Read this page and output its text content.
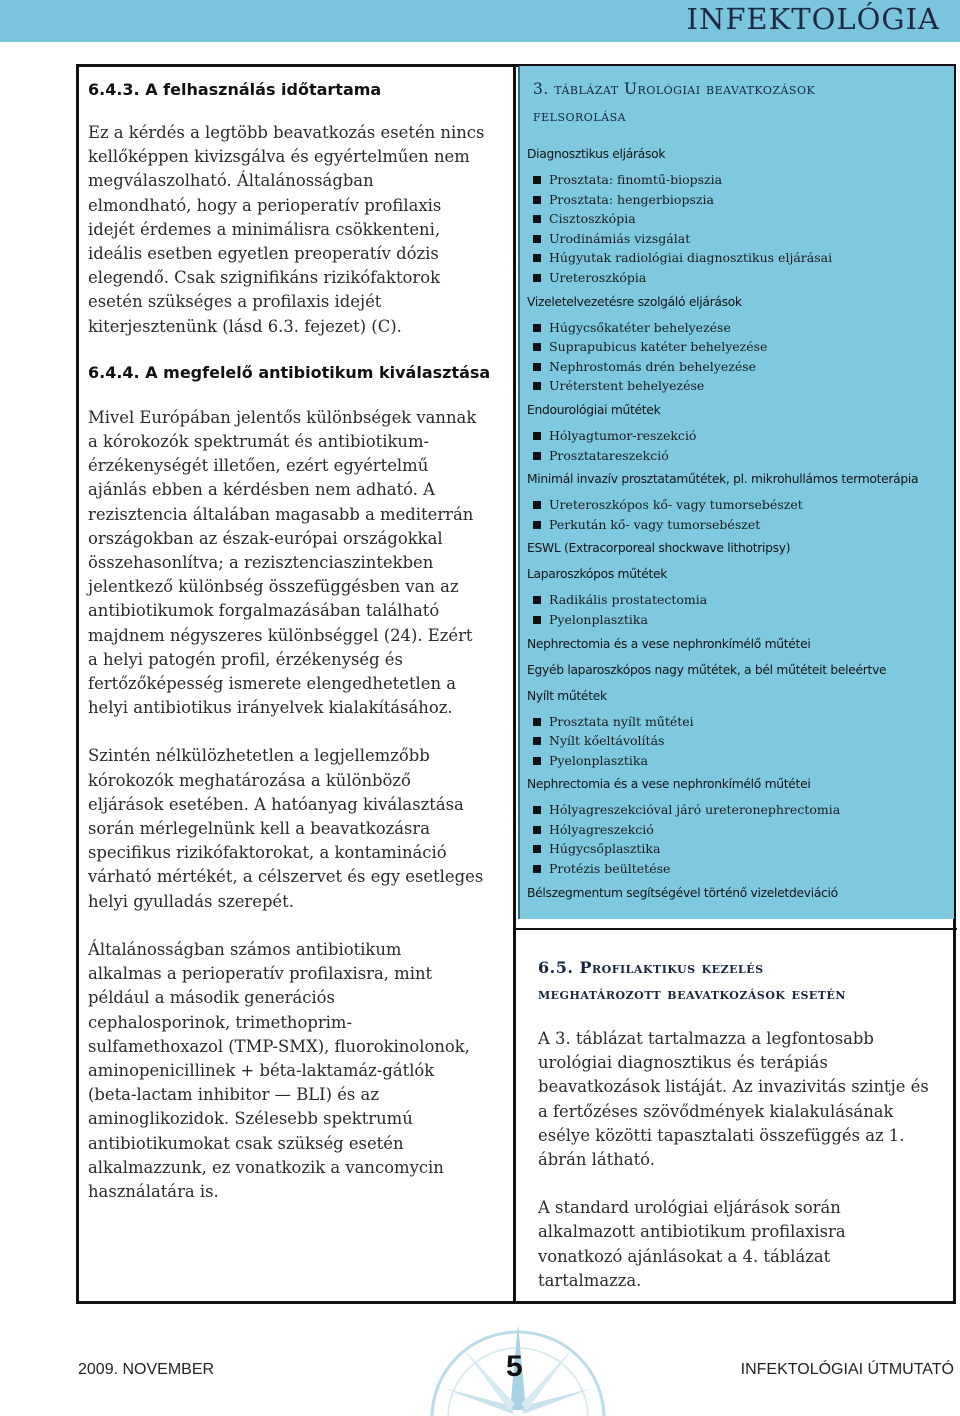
INFEKTOLÓGIA
6.4.3. A felhasználás időtartama

Ez a kérdés a legtöbb beavatkozás esetén nincs
kellőképpen kivizsgálva és egyértelműen nem
megválaszolható. Általánosságban
elmondható, hogy a perioperatív profilaxis
idejét érdemes a minimálisra csökkenteni,
ideális esetben egyetlen preoperatív dózis
elegendő. Csak szignifikáns rizikófaktorok
esetén szükséges a profilaxis idejét
kiterjesztenünk (lásd 6.3. fejezet) (C).

6.4.4. A megfelelő antibiotikum kiválasztása

Mivel Európában jelentős különbségek vannak
a kórokozók spektrumát és antibiotikum-
érzékenységét illetően, ezért egyértelmű
ajánlás ebben a kérdésben nem adható. A
rezisztencia általában magasabb a mediterrán
országokban az észak-európai országokkal
összehasonlítva; a rezisztenciaszintekben
jelentkező különbség összefüggésben van az
antibiotikumok forgalmazásában található
majdnem négyszeres különbséggel (24). Ezért
a helyi patogén profil, érzékenység és
fertőzőképesség ismerete elengedhetetlen a
helyi antibiotikus irányelvek kialakításához.

Szintén nélkülözhetetlen a legjellemzőbb
kórokozók meghatározása a különböző
eljárások esetében. A hatóanyag kiválasztása
során mérlegelnünk kell a beavatkozásra
specifikus rizikófaktorokat, a kontamináció
várható mértékét, a célszervet és egy esetleges
helyi gyulladás szerepét.

Általánosságban számos antibiotikum
alkalmas a perioperatív profilaxisra, mint
például a második generációs
cephalosporinok, trimethoprim-
sulfamethoxazol (TMP-SMX), fluorokinolonok,
aminopenicillinek + béta-laktamáz-gátlók
(beta-lactam inhibitor — BLI) és az
aminoglikozidok. Szélesebb spektrumú
antibiotikumokat csak szükség esetén
alkalmazzunk, ez vonatkozik a vancomycin
használatára is.

3. táblázat Urológiai beavatkozások
felsorolása
Diagnosztikus eljárások
Prosztata: finomtű-biopszia
Prosztata: hengerbiopszia
Cisztoszkópia
Urodinámiás vizsgálat
Húgyutak radiológiai diagnosztikus eljárásai
Ureteroszkópia
Vizeletelvezetésre szolgáló eljárások
Húgycsőkatéter behelyezése
Suprapubicus katéter behelyezése
Nephrostomás drén behelyezése
Uréterstent behelyezése
Endourológiai műtétek
Hólyagtumor-reszekció
Prosztatareszekció
Minimál invazív prosztataműtétek, pl. mikrohullámos termoterápia
Ureteroszkópos kő- vagy tumorsebészet
Perkután kő- vagy tumorsebészet
ESWL (Extracorporeal shockwave lithotripsy)
Laparoszkópos műtétek
Radikális prostatectomia
Pyelonplasztika
Nephrectomia és a vese nephronkímélő műtétei
Egyéb laparoszkópos nagy műtétek, a bél műtéteit beleértve
Nyílt műtétek
Prosztata nyílt műtétei
Nyílt kőeltávolítás
Pyelonplasztika
Nephrectomia és a vese nephronkímélő műtétei
Hólyagreszekcióval járó ureteronephrectomia
Hólyagreszekció
Húgycsőplasztika
Protézis beültetése
Bélszegmentum segítségével történő vizeletdeviáció
6.5. Profilaktikus kezelés
meghatározott beavatkozások esetén

A 3. táblázat tartalmazza a legfontosabb
urológiai diagnosztikus és terápiás
beavatkozások listáját. Az invazivitás szintje és
a fertőzéses szövődmények kialakulásának
esélye közötti tapasztalati összefüggés az 1.
ábrán látható.

A standard urológiai eljárások során
alkalmazott antibiotikum profilaxisra
vonatkozó ajánlásokat a 4. táblázat
tartalmazza.

2009. NOVEMBER	5	INFEKTOLÓGIAI ÚTMUTATÓ
